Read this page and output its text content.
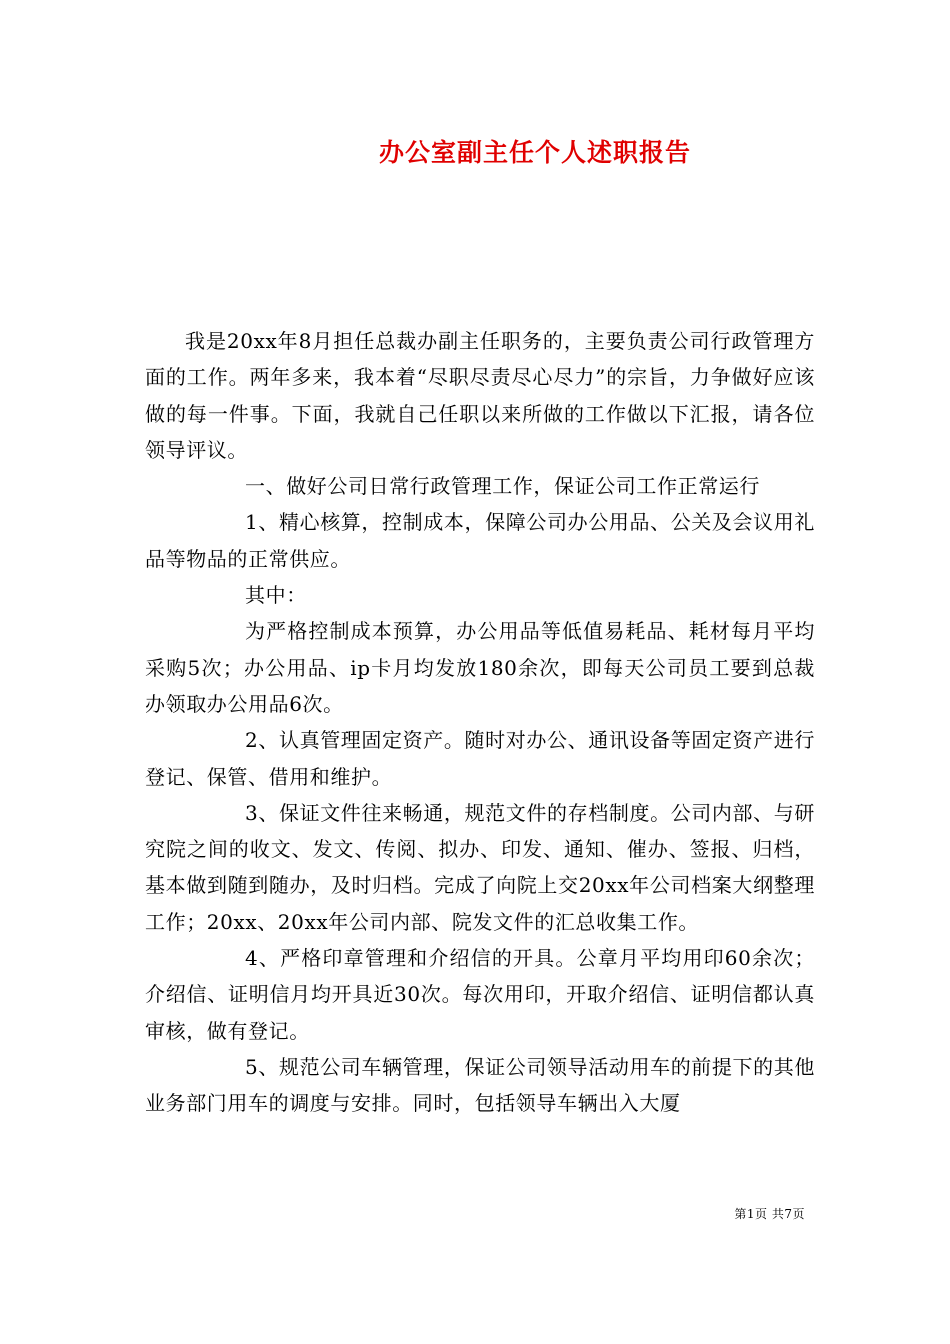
办公室副主任个人述职报告

我是20xx年8月担任总裁办副主任职务的，主要负责公司行政管理方面的工作。两年多来，我本着“尽职尽责尽心尽力”的宗旨，力争做好应该做的每一件事。下面，我就自己任职以来所做的工作做以下汇报，请各位领导评议。

一、做好公司日常行政管理工作，保证公司工作正常运行

1、精心核算，控制成本，保障公司办公用品、公关及会议用礼品等物品的正常供应。

其中：

为严格控制成本预算，办公用品等低值易耗品、耗材每月平均采购5次；办公用品、ip卡月均发放180余次，即每天公司员工要到总裁办领取办公用品6次。

2、认真管理固定资产。随时对办公、通讯设备等固定资产进行登记、保管、借用和维护。

3、保证文件往来畅通，规范文件的存档制度。公司内部、与研究院之间的收文、发文、传阅、拟办、印发、通知、催办、签报、归档，基本做到随到随办，及时归档。完成了向院上交20xx年公司档案大纲整理工作；20xx、20xx年公司内部、院发文件的汇总收集工作。

4、严格印章管理和介绍信的开具。公章月平均用印60余次；介绍信、证明信月均开具近30次。每次用印，开取介绍信、证明信都认真审核，做有登记。

5、规范公司车辆管理，保证公司领导活动用车的前提下的其他业务部门用车的调度与安排。同时，包括领导车辆出入大厦

第1页 共7页
